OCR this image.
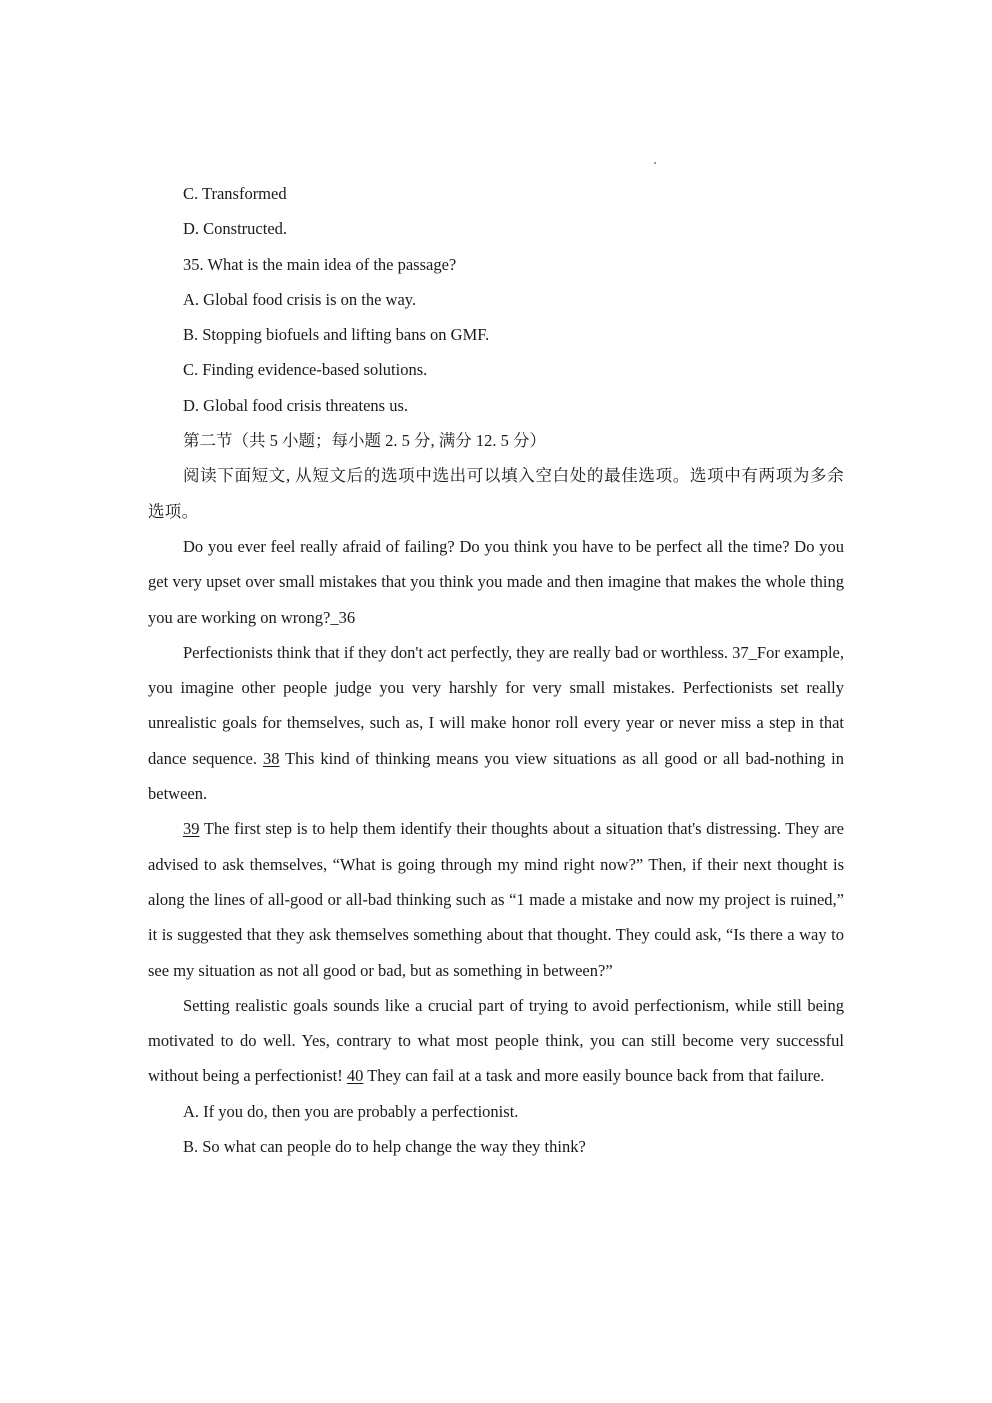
C. Transformed
D. Constructed.
35. What is the main idea of the passage?
A. Global food crisis is on the way.
B. Stopping biofuels and lifting bans on GMF.
C. Finding evidence-based solutions.
D. Global food crisis threatens us.
第二节（共 5 小题；每小题 2. 5 分, 满分 12. 5 分）
阅读下面短文, 从短文后的选项中选出可以填入空白处的最佳选项。选项中有两项为多余选项。
Do you ever feel really afraid of failing? Do you think you have to be perfect all the time? Do you get very upset over small mistakes that you think you made and then imagine that makes the whole thing you are working on wrong?_36
Perfectionists think that if they don't act perfectly, they are really bad or worthless. 37_For example, you imagine other people judge you very harshly for very small mistakes. Perfectionists set really unrealistic goals for themselves, such as, I will make honor roll every year or never miss a step in that dance sequence. 38 This kind of thinking means you view situations as all good or all bad-nothing in between.
39 The first step is to help them identify their thoughts about a situation that's distressing. They are advised to ask themselves, “What is going through my mind right now?” Then, if their next thought is along the lines of all-good or all-bad thinking such as “1 made a mistake and now my project is ruined,” it is suggested that they ask themselves something about that thought. They could ask, “Is there a way to see my situation as not all good or bad, but as something in between?”
Setting realistic goals sounds like a crucial part of trying to avoid perfectionism, while still being motivated to do well. Yes, contrary to what most people think, you can still become very successful without being a perfectionist! 40 They can fail at a task and more easily bounce back from that failure.
A. If you do, then you are probably a perfectionist.
B. So what can people do to help change the way they think?
